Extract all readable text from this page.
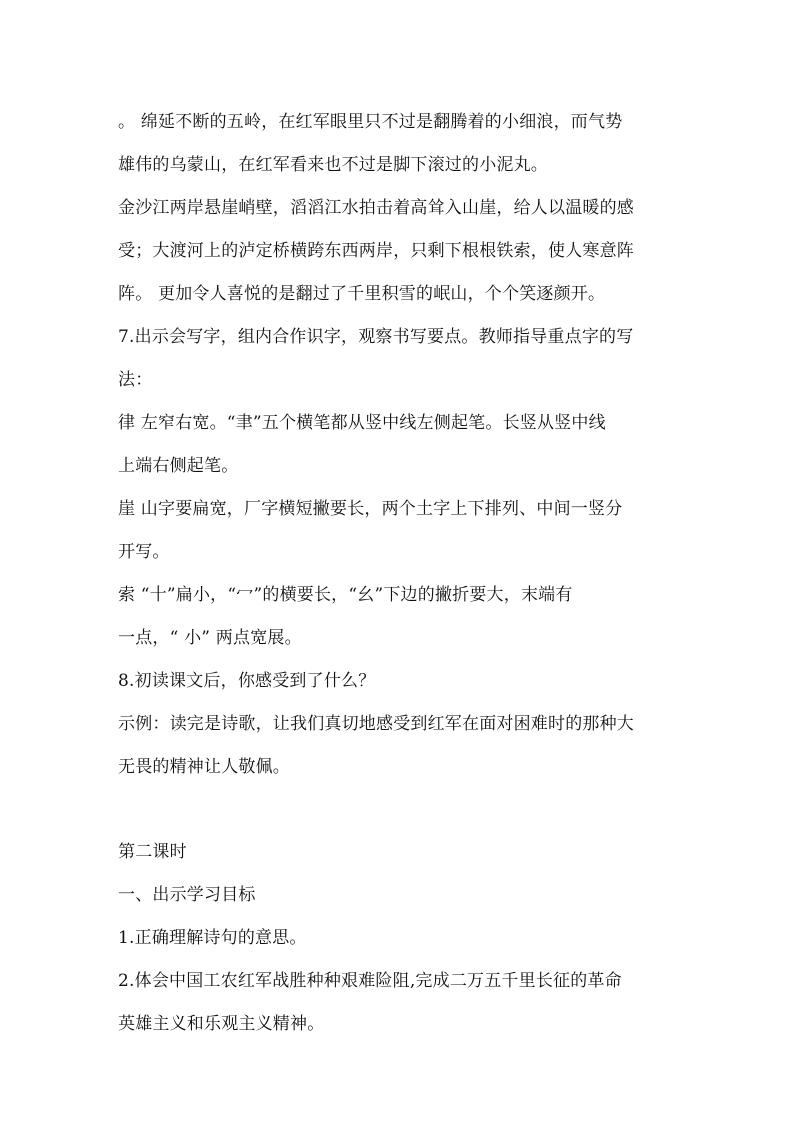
。 绵延不断的五岭，在红军眼里只不过是翻腾着的小细浪，而气势
雄伟的乌蒙山，在红军看来也不过是脚下滚过的小泥丸。
金沙江两岸悬崖峭壁，滔滔江水拍击着高耸入山崖，给人以温暖的感
受；大渡河上的泸定桥横跨东西两岸，只剩下根根铁索，使人寒意阵
阵。 更加令人喜悦的是翻过了千里积雪的岷山，个个笑逐颜开。
7.出示会写字，组内合作识字，观察书写要点。教师指导重点字的写
法：
律 左窄右宽。“聿”五个横笔都从竖中线左侧起笔。长竖从竖中线
上端右侧起笔。
崖 山字要扁宽，厂字横短撇要长，两个土字上下排列、中间一竖分
开写。
索 “十”扁小，“冖”的横要长，“幺”下边的撇折要大，末端有
一点，“ 小” 两点宽展。
8.初读课文后，你感受到了什么？
示例：读完是诗歌，让我们真切地感受到红军在面对困难时的那种大
无畏的精神让人敬佩。
第二课时
一、出示学习目标
1.正确理解诗句的意思。
2.体会中国工农红军战胜种种艰难险阻,完成二万五千里长征的革命
英雄主义和乐观主义精神。
